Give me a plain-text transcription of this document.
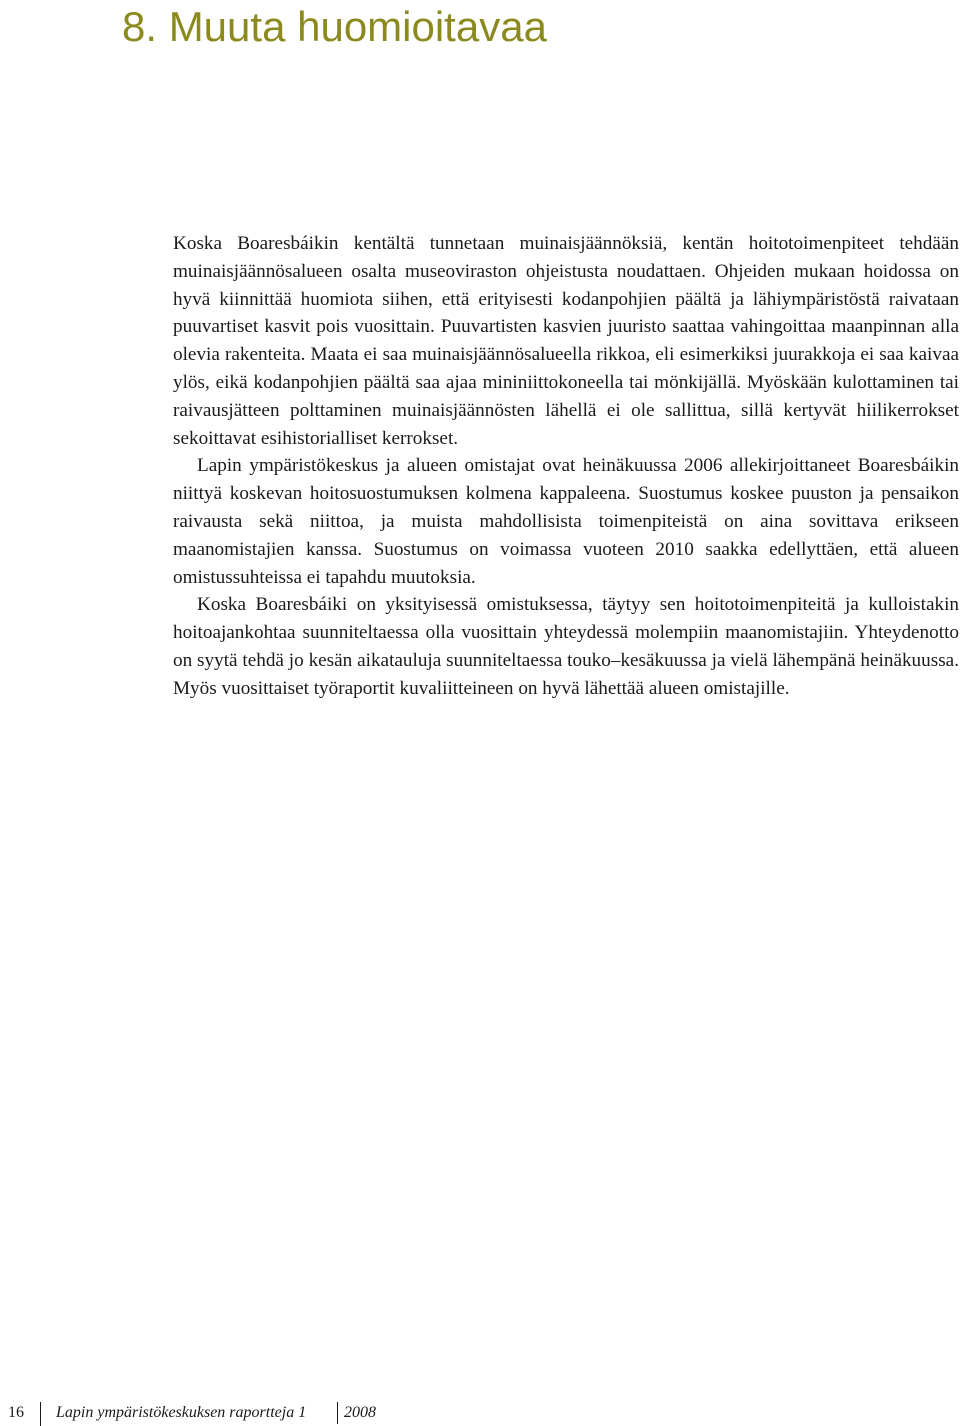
8. Muuta huomioitavaa

Koska Boaresbáikin kentältä tunnetaan muinaisjäännöksiä, kentän hoitotoimenpiteet tehdään muinaisjäännösalueen osalta museoviraston ohjeistusta noudattaen. Ohjeiden mukaan hoidossa on hyvä kiinnittää huomiota siihen, että erityisesti kodanpohjien päältä ja lähiympäristöstä raivataan puuvartiset kasvit pois vuosittain. Puuvartisten kasvien juuristo saattaa vahingoittaa maanpinnan alla olevia rakenteita. Maata ei saa muinaisjäännösalueella rikkoa, eli esimerkiksi juurakkoja ei saa kaivaa ylös, eikä kodanpohjien päältä saa ajaa mininiittokoneella tai mönkijällä. Myöskään kulottaminen tai raivausjätteen polttaminen muinaisjäännösten lähellä ei ole sallittua, sillä kertyvät hiilikerrokset sekoittavat esihistorialliset kerrokset.

Lapin ympäristökeskus ja alueen omistajat ovat heinäkuussa 2006 allekirjoittaneet Boaresbáikin niittyä koskevan hoitosuostumuksen kolmena kappaleena. Suostumus koskee puuston ja pensaikon raivausta sekä niittoa, ja muista mahdollisista toimenpiteistä on aina sovittava erikseen maanomistajien kanssa. Suostumus on voimassa vuoteen 2010 saakka edellyttäen, että alueen omistussuhteissa ei tapahdu muutoksia.

Koska Boaresbáiki on yksityisessä omistuksessa, täytyy sen hoitotoimenpiteitä ja kulloistakin hoitoajankohtaa suunniteltaessa olla vuosittain yhteydessä molempiin maanomistajiin. Yhteydenotto on syytä tehdä jo kesän aikatauluja suunniteltaessa touko–kesäkuussa ja vielä lähempänä heinäkuussa. Myös vuosittaiset työraportit kuvaliitteineen on hyvä lähettää alueen omistajille.

16 Lapin ympäristökeskuksen raportteja 1 2008
